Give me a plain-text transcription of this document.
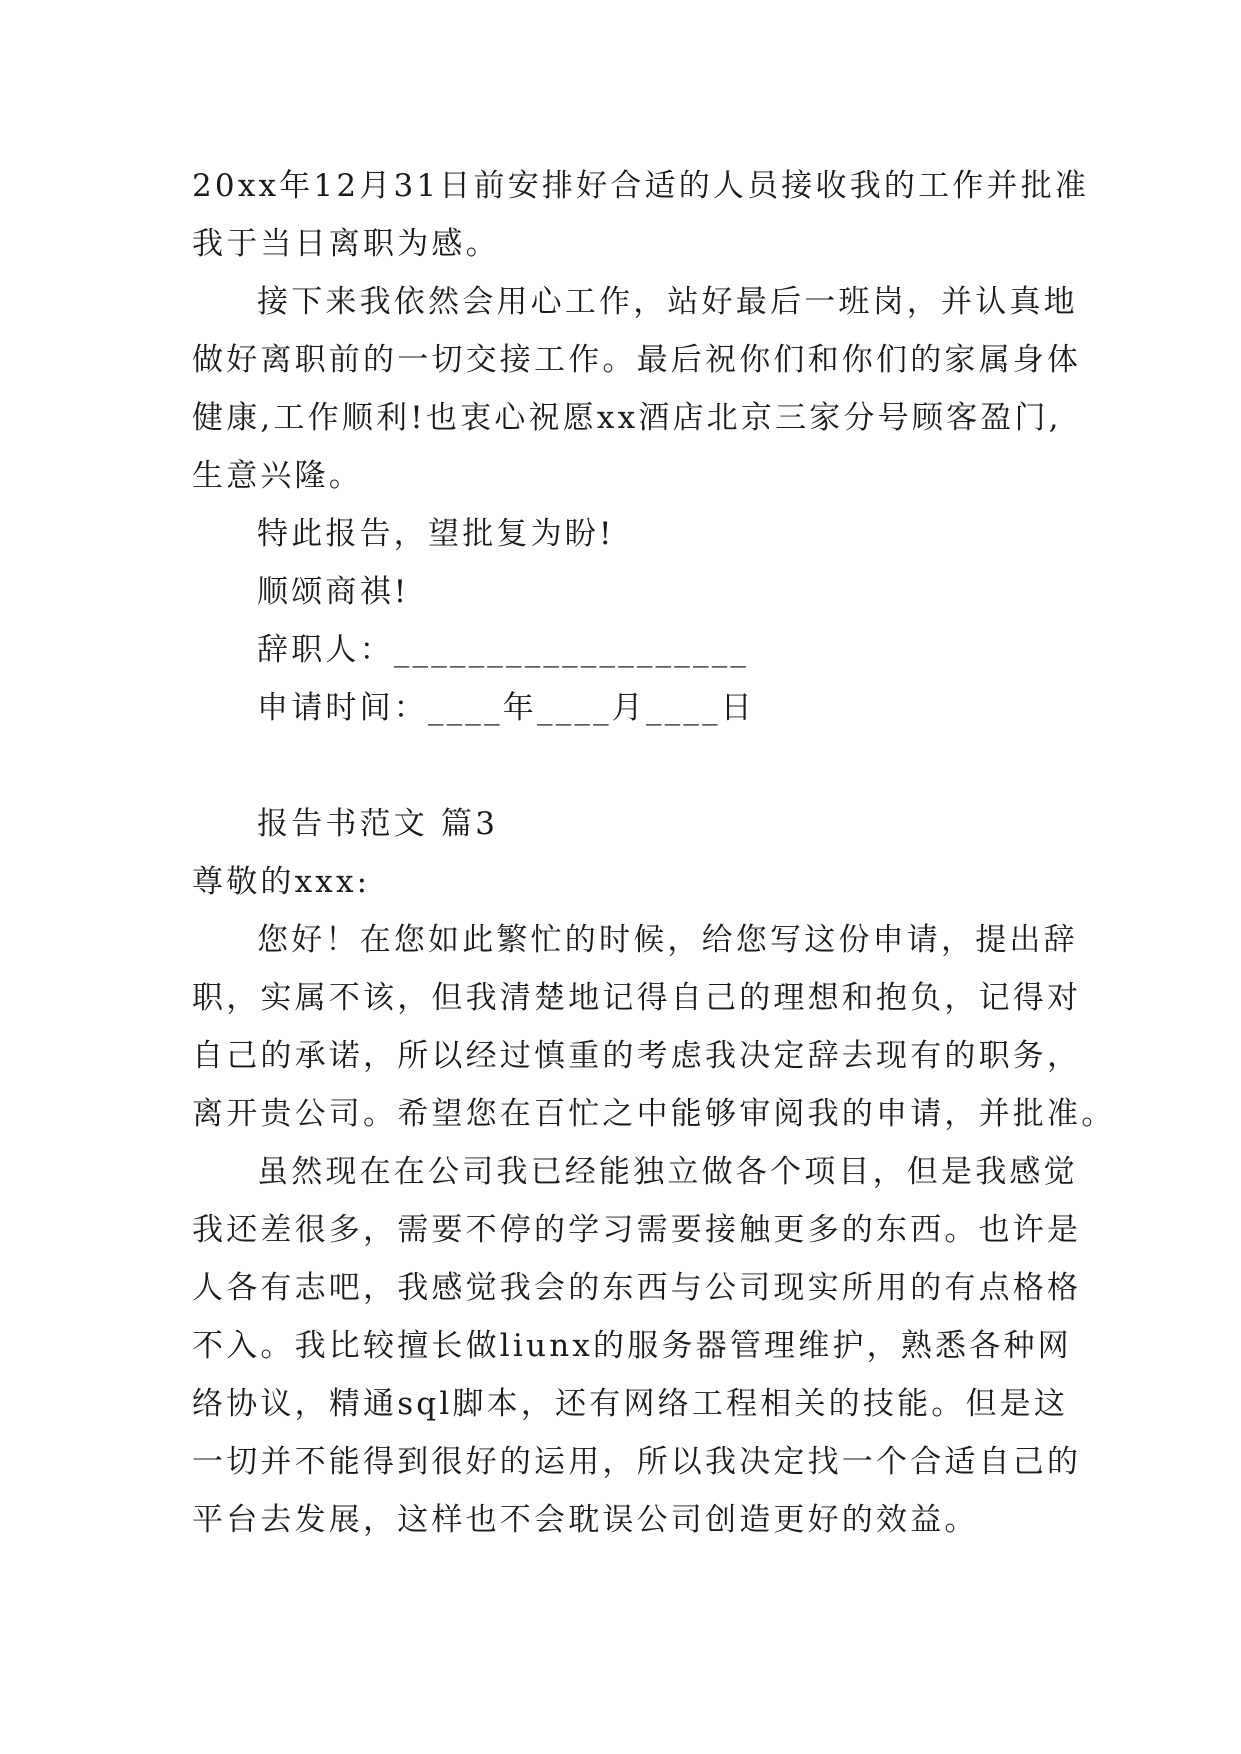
20xx年12月31日前安排好合适的人员接收我的工作并批准
我于当日离职为感。
接下来我依然会用心工作，站好最后一班岗，并认真地
做好离职前的一切交接工作。最后祝你们和你们的家属身体
健康,工作顺利!也衷心祝愿xx酒店北京三家分号顾客盈门,
生意兴隆。
特此报告，望批复为盼!
顺颂商祺!
辞职人：___________________
申请时间：____年____月____日
报告书范文 篇3
尊敬的xxx:
您好！在您如此繁忙的时候，给您写这份申请，提出辞
职，实属不该，但我清楚地记得自己的理想和抱负，记得对
自己的承诺，所以经过慎重的考虑我决定辞去现有的职务，
离开贵公司。希望您在百忙之中能够审阅我的申请，并批准。
虽然现在在公司我已经能独立做各个项目，但是我感觉
我还差很多，需要不停的学习需要接触更多的东西。也许是
人各有志吧，我感觉我会的东西与公司现实所用的有点格格
不入。我比较擅长做liunx的服务器管理维护，熟悉各种网
络协议，精通sql脚本，还有网络工程相关的技能。但是这
一切并不能得到很好的运用，所以我决定找一个合适自己的
平台去发展，这样也不会耽误公司创造更好的效益。
